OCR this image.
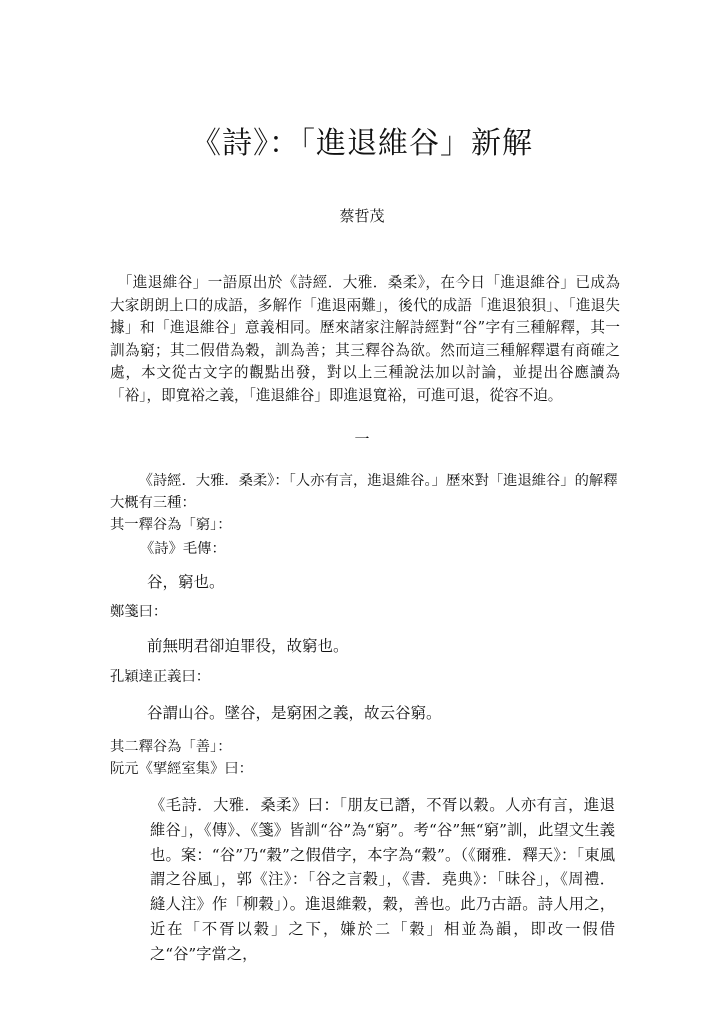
《詩》：「進退維谷」新解

蔡哲茂

　「進退維谷」一語原出於《詩經．大雅．桑柔》，在今日「進退維谷」已成為大家朗朗上口的成語，多解作「進退兩難」，後代的成語「進退狼狽」、「進退失據」和「進退維谷」意義相同。歷來諸家注解詩經對“谷”字有三種解釋，其一訓為窮；其二假借為穀，訓為善；其三釋谷為欲。然而這三種解釋還有商確之處，本文從古文字的觀點出發，對以上三種說法加以討論，並提出谷應讀為「裕」，即寬裕之義，「進退維谷」即進退寬裕，可進可退，從容不迫。

一

《詩經．大雅．桑柔》：「人亦有言，進退維谷。」歷來對「進退維谷」的解釋大概有三種：

其一釋谷為「窮」：

《詩》毛傳：

谷，窮也。

鄭箋曰：

前無明君卻迫罪役，故窮也。

孔穎達正義曰：

谷謂山谷。墜谷，是窮困之義，故云谷窮。

其二釋谷為「善」：

阮元《揅經室集》曰：

《毛詩．大雅．桑柔》曰：「朋友已譖，不胥以穀。人亦有言，進退維谷」，《傳》、《箋》皆訓“谷”為“窮”。考“谷”無“窮”訓，此望文生義也。案：“谷”乃“穀”之假借字，本字為“穀”。（《爾雅．釋天》：「東風謂之谷風」，郭《注》：「谷之言穀」，《書．堯典》：「昧谷」，《周禮．縫人注》作「柳穀」）。進退維穀，穀，善也。此乃古語。詩人用之，近在「不胥以穀」之下，嫌於二「穀」相並為韻，即改一假借之“谷”字當之，
